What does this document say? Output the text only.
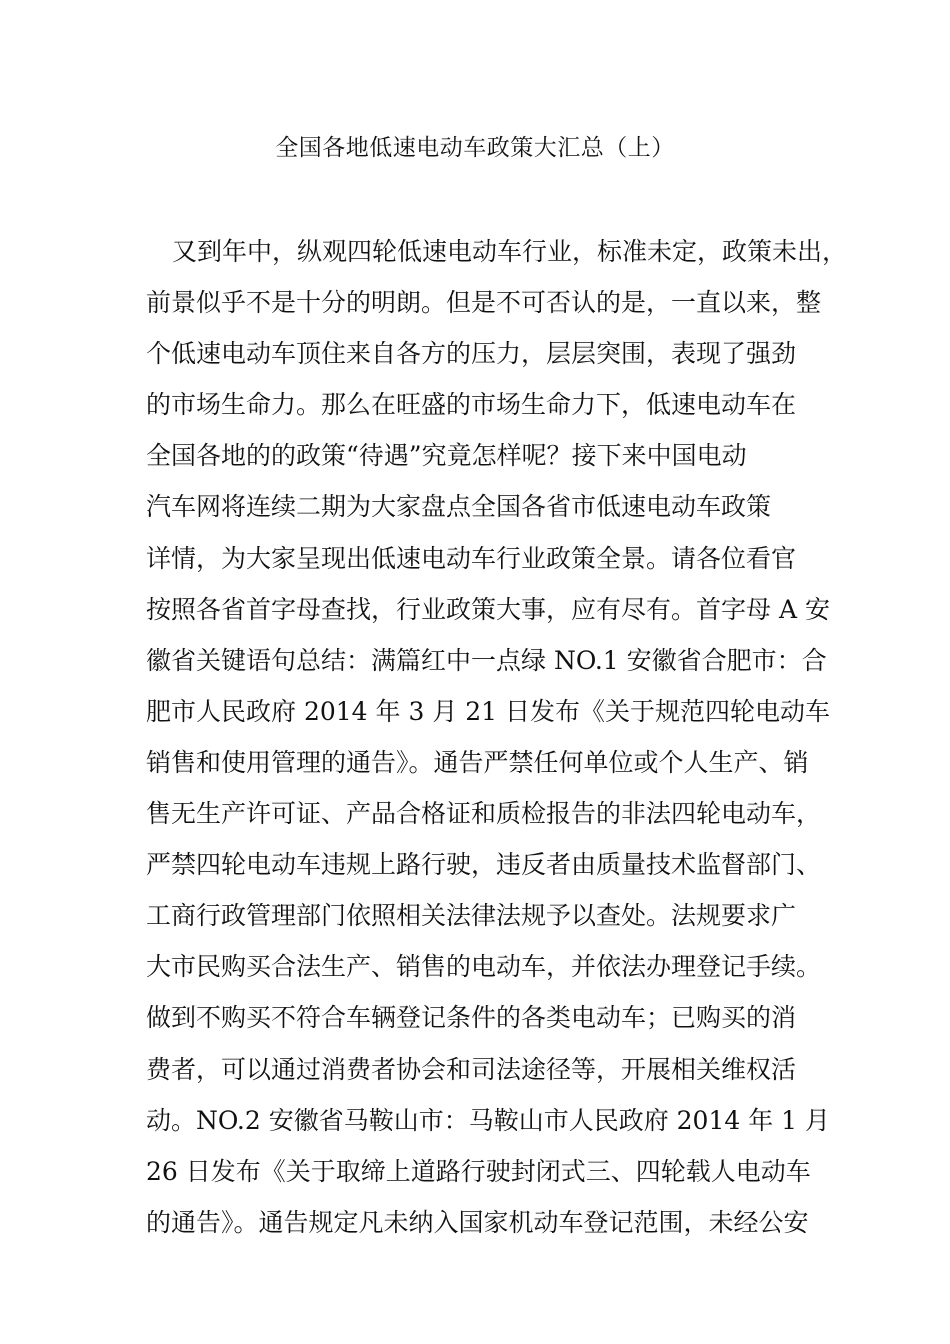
全国各地低速电动车政策大汇总（上）
又到年中，纵观四轮低速电动车行业，标准未定，政策未出，
前景似乎不是十分的明朗。但是不可否认的是，一直以来，整
个低速电动车顶住来自各方的压力，层层突围，表现了强劲
的市场生命力。那么在旺盛的市场生命力下，低速电动车在
全国各地的的政策“待遇”究竟怎样呢？接下来中国电动
汽车网将连续二期为大家盘点全国各省市低速电动车政策
详情，为大家呈现出低速电动车行业政策全景。请各位看官
按照各省首字母查找，行业政策大事，应有尽有。首字母 A 安
徽省关键语句总结：满篇红中一点绿 NO.1 安徽省合肥市：合
肥市人民政府 2014 年 3 月 21 日发布《关于规范四轮电动车
销售和使用管理的通告》。通告严禁任何单位或个人生产、销
售无生产许可证、产品合格证和质检报告的非法四轮电动车，
严禁四轮电动车违规上路行驶，违反者由质量技术监督部门、
工商行政管理部门依照相关法律法规予以查处。法规要求广
大市民购买合法生产、销售的电动车，并依法办理登记手续。
做到不购买不符合车辆登记条件的各类电动车；已购买的消
费者，可以通过消费者协会和司法途径等，开展相关维权活
动。NO.2 安徽省马鞍山市：马鞍山市人民政府 2014 年 1 月
26 日发布《关于取缔上道路行驶封闭式三、四轮载人电动车
的通告》。通告规定凡未纳入国家机动车登记范围，未经公安
